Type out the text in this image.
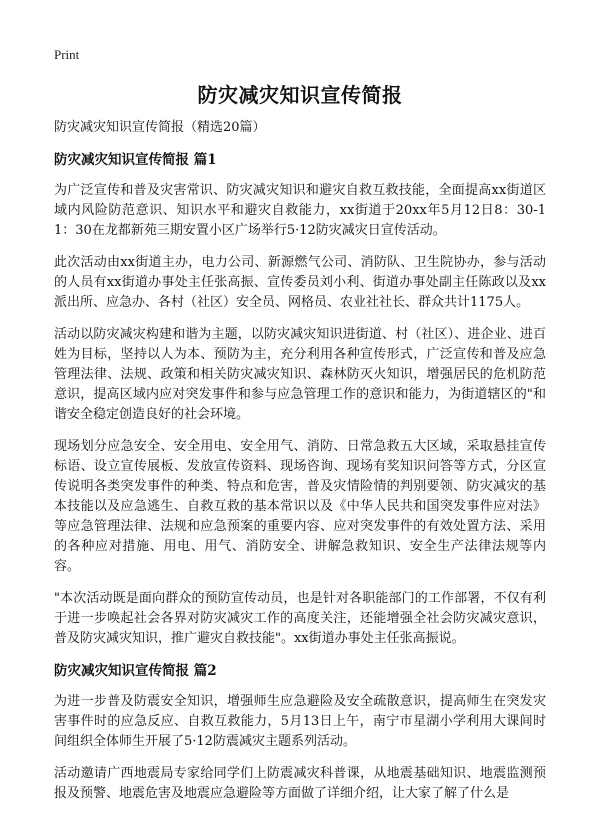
Print
防灾减灾知识宣传简报
防灾减灾知识宣传简报（精选20篇）
防灾减灾知识宣传简报 篇1

为广泛宣传和普及灾害常识、防灾减灾知识和避灾自救互救技能，全面提高xx街道区域内风险防范意识、知识水平和避灾自救能力，xx街道于20xx年5月12日8：30-11：30在龙都新苑三期安置小区广场举行5·12防灾减灾日宣传活动。

此次活动由xx街道主办，电力公司、新源燃气公司、消防队、卫生院协办，参与活动的人员有xx街道办事处主任张高振、宣传委员刘小利、街道办事处副主任陈政以及xx派出所、应急办、各村（社区）安全员、网格员、农业社社长、群众共计1175人。

活动以防灾减灾构建和谐为主题，以防灾减灾知识进街道、村（社区）、进企业、进百姓为目标，坚持以人为本、预防为主，充分利用各种宣传形式，广泛宣传和普及应急管理法律、法规、政策和相关防灾减灾知识、森林防灭火知识，增强居民的危机防范意识，提高区域内应对突发事件和参与应急管理工作的意识和能力，为街道辖区的"和谐安全稳定创造良好的社会环境。

现场划分应急安全、安全用电、安全用气、消防、日常急救五大区域，采取悬挂宣传标语、设立宣传展板、发放宣传资料、现场咨询、现场有奖知识问答等方式，分区宣传说明各类突发事件的种类、特点和危害，普及灾情险情的判别要领、防灾减灾的基本技能以及应急逃生、自救互救的基本常识以及《中华人民共和国突发事件应对法》等应急管理法律、法规和应急预案的重要内容、应对突发事件的有效处置方法、采用的各种应对措施、用电、用气、消防安全、讲解急救知识、安全生产法律法规等内容。

"本次活动既是面向群众的预防宣传动员，也是针对各职能部门的工作部署，不仅有利于进一步唤起社会各界对防灾减灾工作的高度关注，还能增强全社会防灾减灾意识，普及防灾减灾知识，推广避灾自救技能"。xx街道办事处主任张高振说。

防灾减灾知识宣传简报 篇2

为进一步普及防震安全知识，增强师生应急避险及安全疏散意识，提高师生在突发灾害事件时的应急反应、自救互救能力，5月13日上午，南宁市星湖小学利用大课间时间组织全体师生开展了5·12防震减灾主题系列活动。

活动邀请广西地震局专家给同学们上防震减灾科普课，从地震基础知识、地震监测预报及预警、地震危害及地震应急避险等方面做了详细介绍，让大家了解了什么是
